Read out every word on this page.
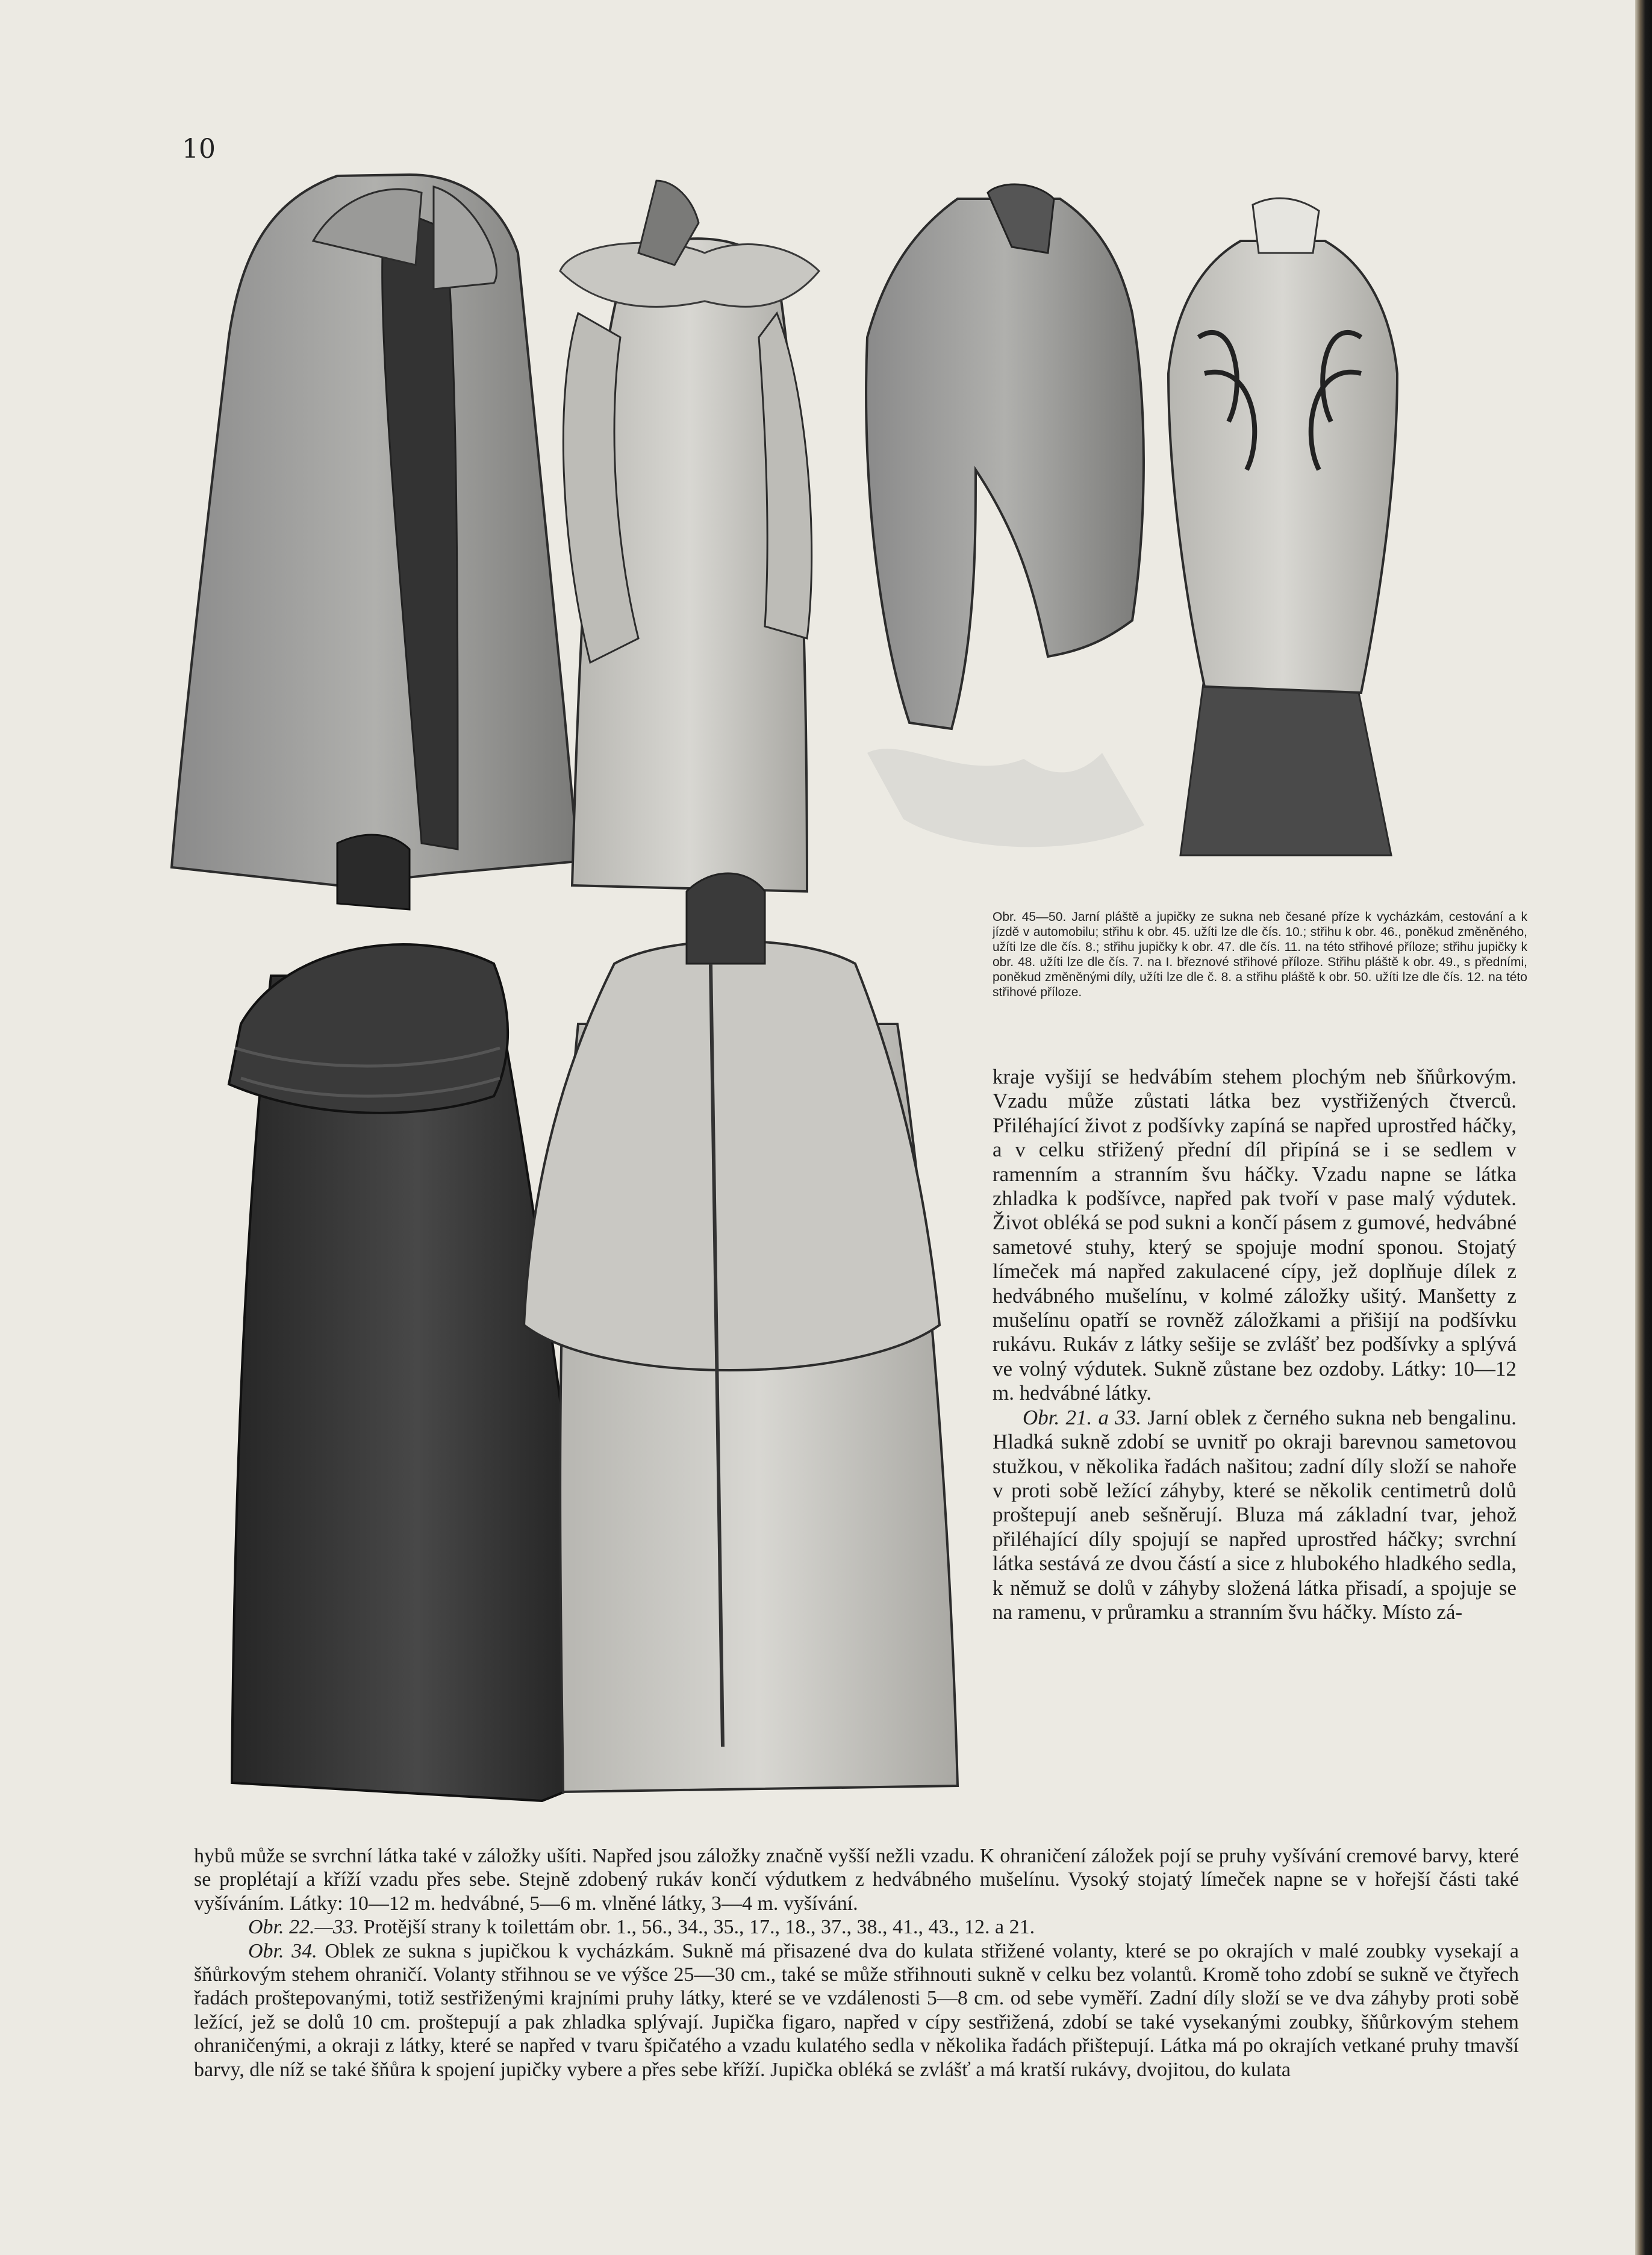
10

Obr. 45—50. Jarní pláště a jupičky ze sukna neb česané příze k vycházkám, cestování a k jízdě v automobilu; střihu k obr. 45. užíti lze dle čís. 10.; střihu k obr. 46., poněkud změněného, užíti lze dle čís. 8.; střihu jupičky k obr. 47. dle čís. 11. na této střihové příloze; střihu jupičky k obr. 48. užíti lze dle čís. 7. na I. březnové střihové příloze. Střihu pláště k obr. 49., s předními, poněkud změněnými díly, užíti lze dle č. 8. a střihu pláště k obr. 50. užíti lze dle čís. 12. na této střihové příloze.

kraje vyšijí se hedvábím stehem plochým neb šňůrkovým. Vzadu může zůstati látka bez vystřižených čtverců. Přiléhající život z podšívky zapíná se napřed uprostřed háčky, a v celku střižený přední díl připíná se i se sedlem v ramenním a stranním švu háčky. Vzadu napne se látka zhladka k podšívce, napřed pak tvoří v pase malý výdutek. Život obléká se pod sukni a končí pásem z gumové, hedvábné sametové stuhy, který se spojuje modní sponou. Stojatý límeček má napřed zakulacené cípy, jež doplňuje dílek z hedvábného mušelínu, v kolmé záložky ušitý. Manšetty z mušelínu opatří se rovněž záložkami a přišijí na podšívku rukávu. Rukáv z látky sešije se zvlášť bez podšívky a splývá ve volný výdutek. Sukně zůstane bez ozdoby. Látky: 10—12 m. hedvábné látky.

Obr. 21. a 33. Jarní oblek z černého sukna neb bengalinu. Hladká sukně zdobí se uvnitř po okraji barevnou sametovou stužkou, v několika řadách našitou; zadní díly složí se nahoře v proti sobě ležící záhyby, které se několik centimetrů dolů proštepují aneb sešněrují. Bluza má základní tvar, jehož přiléhající díly spojují se napřed uprostřed háčky; svrchní látka sestává ze dvou částí a sice z hlubokého hladkého sedla, k němuž se dolů v záhyby složená látka přisadí, a spojuje se na ramenu, v průramku a stranním švu háčky. Místo zá-

hybů může se svrchní látka také v záložky ušíti. Napřed jsou záložky značně vyšší nežli vzadu. K ohraničení záložek pojí se pruhy vyšívání cremové barvy, které se proplétají a kříží vzadu přes sebe. Stejně zdobený rukáv končí výdutkem z hedvábného mušelínu. Vysoký stojatý límeček napne se v hořejší části také vyšíváním. Látky: 10—12 m. hedvábné, 5—6 m. vlněné látky, 3—4 m. vyšívání.

Obr. 22.—33. Protější strany k toilettám obr. 1., 56., 34., 35., 17., 18., 37., 38., 41., 43., 12. a 21.

Obr. 34. Oblek ze sukna s jupičkou k vycházkám. Sukně má přisazené dva do kulata střižené volanty, které se po okrajích v malé zoubky vysekají a šňůrkovým stehem ohraničí. Volanty střihnou se ve výšce 25—30 cm., také se může střihnouti sukně v celku bez volantů. Kromě toho zdobí se sukně ve čtyřech řadách proštepovanými, totiž sestřiženými krajními pruhy látky, které se ve vzdálenosti 5—8 cm. od sebe vyměří. Zadní díly složí se ve dva záhyby proti sobě ležící, jež se dolů 10 cm. proštepují a pak zhladka splývají. Jupička figaro, napřed v cípy sestřižená, zdobí se také vysekanými zoubky, šňůrkovým stehem ohraničenými, a okraji z látky, které se napřed v tvaru špičatého a vzadu kulatého sedla v několika řadách přištepují. Látka má po okrajích vetkané pruhy tmavší barvy, dle níž se také šňůra k spojení jupičky vybere a přes sebe kříží. Jupička obléká se zvlášť a má kratší rukávy, dvojitou, do kulata
